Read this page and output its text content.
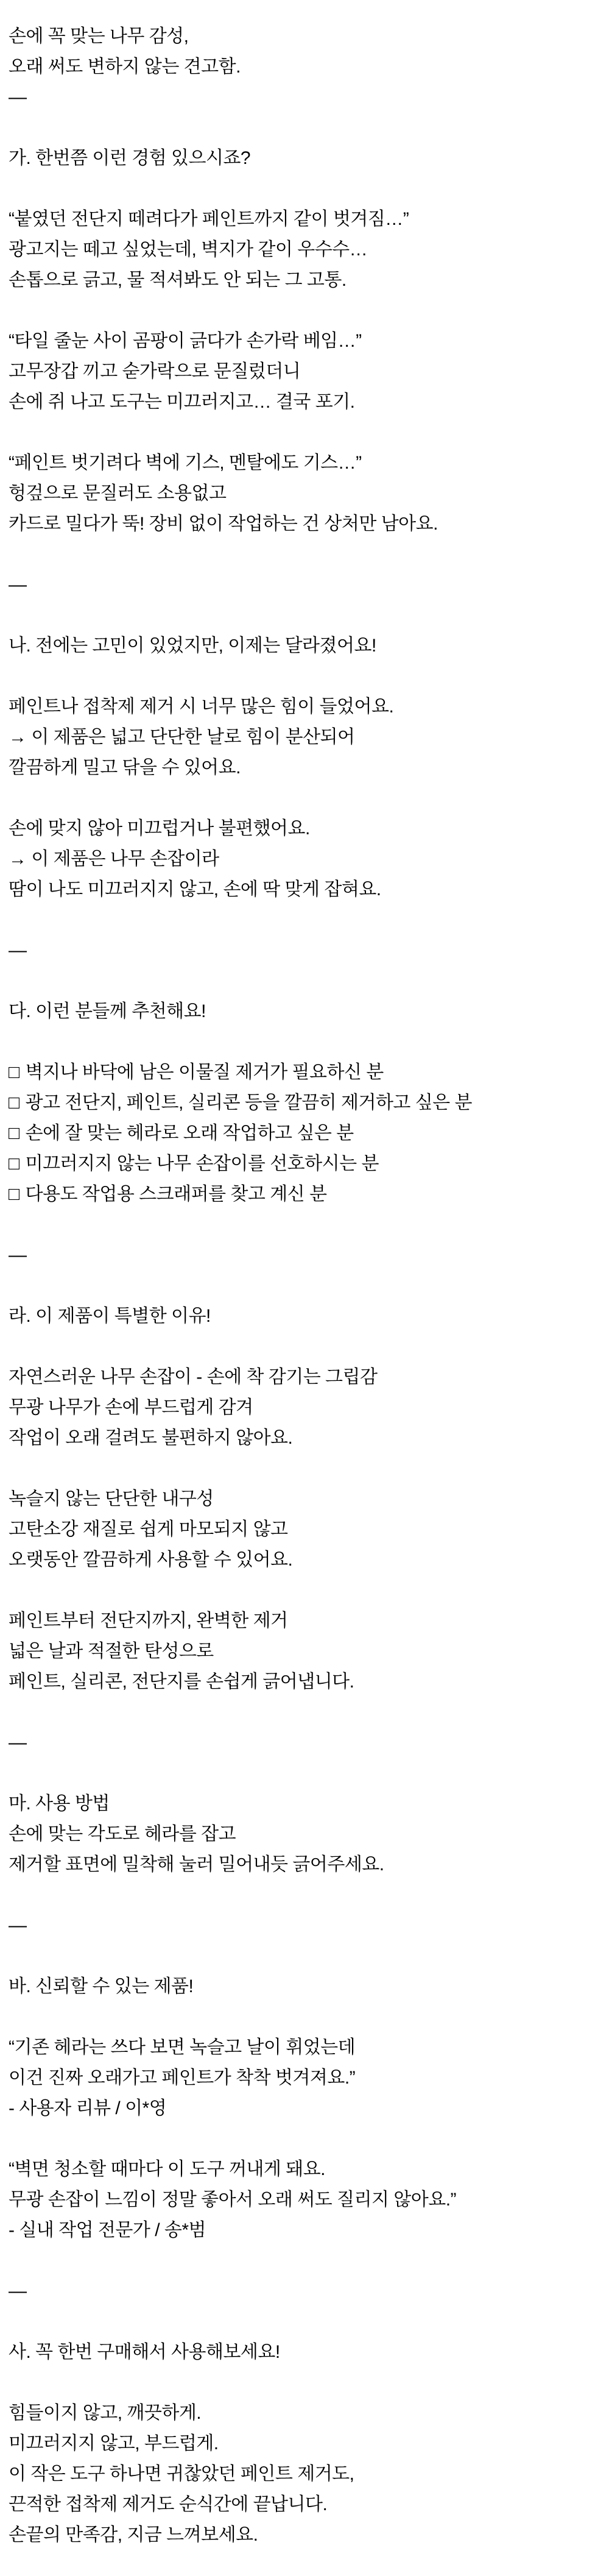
손에 꼭 맞는 나무 감성,
오래 써도 변하지 않는 견고함.
—
가. 한번쯤 이런 경험 있으시죠?
“붙였던 전단지 떼려다가 페인트까지 같이 벗겨짐…”
광고지는 떼고 싶었는데, 벽지가 같이 우수수…
손톱으로 긁고, 물 적셔봐도 안 되는 그 고통.
“타일 줄눈 사이 곰팡이 긁다가 손가락 베임…”
고무장갑 끼고 숟가락으로 문질렀더니
손에 쥐 나고 도구는 미끄러지고… 결국 포기.
“페인트 벗기려다 벽에 기스, 멘탈에도 기스…”
헝겊으로 문질러도 소용없고
카드로 밀다가 뚝! 장비 없이 작업하는 건 상처만 남아요.
—
나. 전에는 고민이 있었지만, 이제는 달라졌어요!
페인트나 접착제 제거 시 너무 많은 힘이 들었어요.
→ 이 제품은 넓고 단단한 날로 힘이 분산되어
깔끔하게 밀고 닦을 수 있어요.
손에 맞지 않아 미끄럽거나 불편했어요.
→ 이 제품은 나무 손잡이라
땀이 나도 미끄러지지 않고, 손에 딱 맞게 잡혀요.
—
다. 이런 분들께 추천해요!
□ 벽지나 바닥에 남은 이물질 제거가 필요하신 분
□ 광고 전단지, 페인트, 실리콘 등을 깔끔히 제거하고 싶은 분
□ 손에 잘 맞는 헤라로 오래 작업하고 싶은 분
□ 미끄러지지 않는 나무 손잡이를 선호하시는 분
□ 다용도 작업용 스크래퍼를 찾고 계신 분
—
라. 이 제품이 특별한 이유!
자연스러운 나무 손잡이 - 손에 착 감기는 그립감
무광 나무가 손에 부드럽게 감겨
작업이 오래 걸려도 불편하지 않아요.
녹슬지 않는 단단한 내구성
고탄소강 재질로 쉽게 마모되지 않고
오랫동안 깔끔하게 사용할 수 있어요.
페인트부터 전단지까지, 완벽한 제거
넓은 날과 적절한 탄성으로
페인트, 실리콘, 전단지를 손쉽게 긁어냅니다.
—
마. 사용 방법
손에 맞는 각도로 헤라를 잡고
제거할 표면에 밀착해 눌러 밀어내듯 긁어주세요.
—
바. 신뢰할 수 있는 제품!
“기존 헤라는 쓰다 보면 녹슬고 날이 휘었는데
이건 진짜 오래가고 페인트가 착착 벗겨져요.”
- 사용자 리뷰 / 이*영
“벽면 청소할 때마다 이 도구 꺼내게 돼요.
무광 손잡이 느낌이 정말 좋아서 오래 써도 질리지 않아요.”
- 실내 작업 전문가 / 송*범
—
사. 꼭 한번 구매해서 사용해보세요!
힘들이지 않고, 깨끗하게.
미끄러지지 않고, 부드럽게.
이 작은 도구 하나면 귀찮았던 페인트 제거도,
끈적한 접착제 제거도 순식간에 끝납니다.
손끝의 만족감, 지금 느껴보세요.
